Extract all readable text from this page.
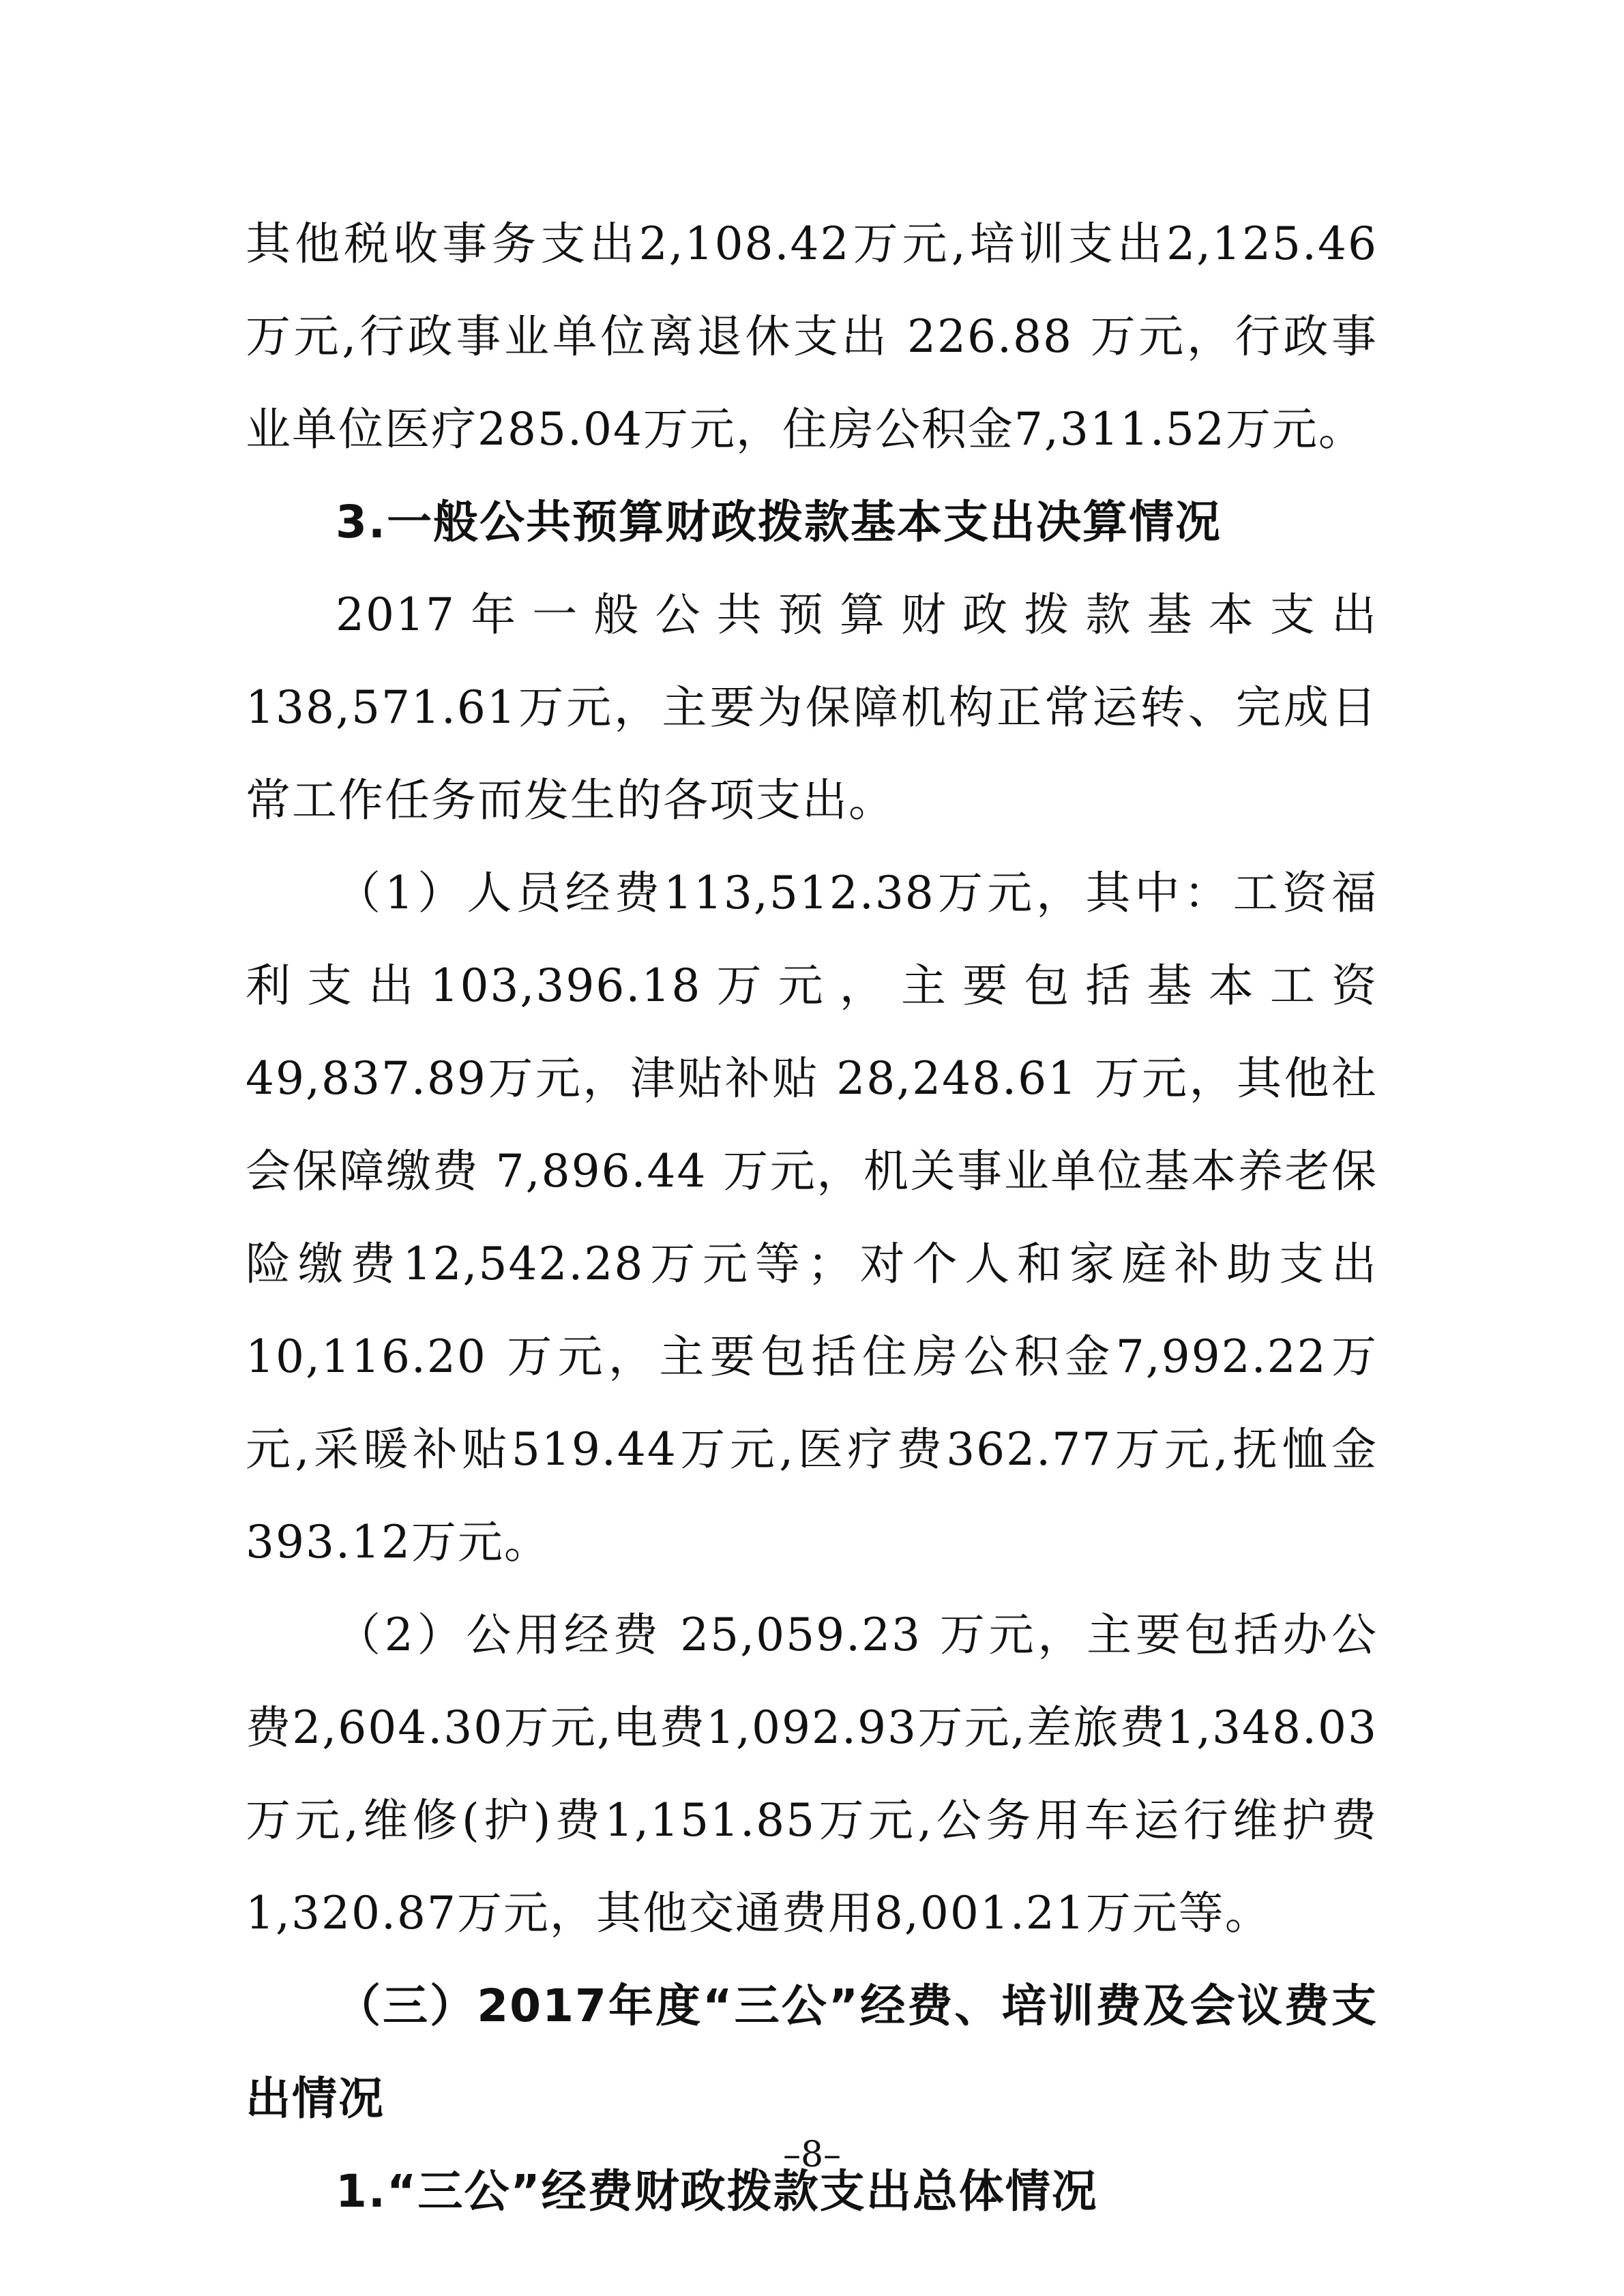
其他税收事务支出2,108.42万元,培训支出2,125.46万元,行政事业单位离退休支出 226.88 万元，行政事业单位医疗285.04万元，住房公积金7,311.52万元。

3.一般公共预算财政拨款基本支出决算情况

2017年一般公共预算财政拨款基本支出138,571.61万元，主要为保障机构正常运转、完成日常工作任务而发生的各项支出。

（1）人员经费113,512.38万元，其中：工资福利支出103,396.18万元，主要包括基本工资49,837.89万元，津贴补贴 28,248.61 万元，其他社会保障缴费 7,896.44 万元，机关事业单位基本养老保险缴费12,542.28万元等；对个人和家庭补助支出 10,116.20 万元，主要包括住房公积金7,992.22万元,采暖补贴519.44万元,医疗费362.77万元,抚恤金393.12万元。

（2）公用经费 25,059.23 万元，主要包括办公费2,604.30万元,电费1,092.93万元,差旅费1,348.03万元,维修(护)费1,151.85万元,公务用车运行维护费1,320.87万元，其他交通费用8,001.21万元等。

（三）2017年度“三公”经费、培训费及会议费支出情况

1.“三公”经费财政拨款支出总体情况

–8–
